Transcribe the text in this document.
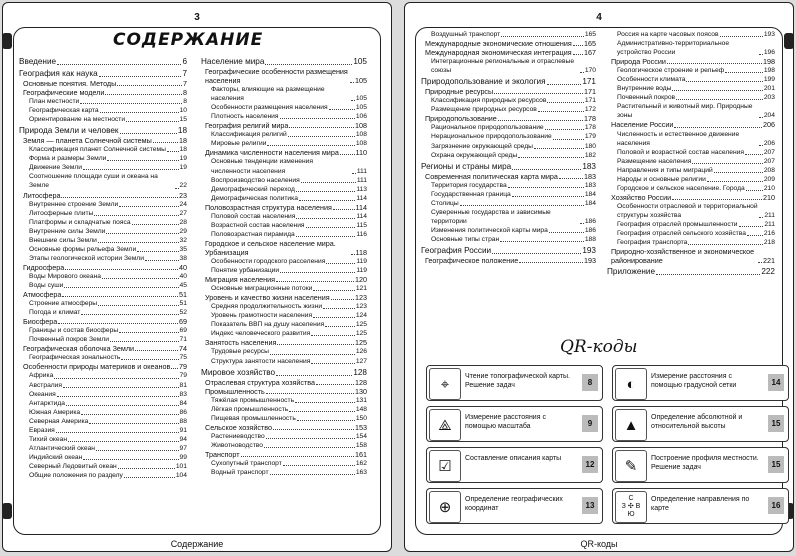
3
СОДЕРЖАНИЕ
Введение	6
География как наука	7
Основные понятия. Методы	7
Географические модели	8
План местности	8
Географическая карта	10
Ориентирование на местности	15
Природа Земли и человек	18
Земля — планета Солнечной системы	18
Классификация планет Солнечной системы 18
Форма и размеры Земли	19
Движение Земли	19
Соотношение площади суши и океана на Земле	22
Литосфера	23
Внутреннее строение Земли	24
Литосферные плиты	27
Платформы и складчатые пояса	28
Внутренние силы Земли	29
Внешние силы Земли	32
Основные формы рельефа Земли	35
Этапы геологической истории Земли	38
Гидросфера	40
Воды Мирового океана	40
Воды суши	45
Атмосфера	51
Строение атмосферы	51
Погода и климат	52
Биосфера	69
Границы и состав биосферы	69
Почвенный покров Земли	71
Географическая оболочка Земли	74
Географическая зональность	75
Особенности природы материков и океанов 79
Африка	79
Австралия	81
Океания	83
Антарктида	84
Южная Америка	86
Северная Америка	88
Евразия	91
Тихий океан	94
Атлантический океан	97
Индийский океан	99
Северный Ледовитый океан	101
Общие положения по разделу	104
Население мира	105
Географические особенности размещения населения	105
Факторы, влияющие на размещение населения	105
Особенности размещения населения	105
Плотность населения	106
География религий мира	108
Классификация религий	108
Мировые религии	108
Динамика численности населения мира 110
Основные тенденции изменения численности населения	111
Воспроизводство населения	111
Демографический переход	113
Демографическая политика	114
Половозрастная структура населения	114
Половой состав населения	114
Возрастной состав населения	115
Половозрастная пирамида	116
Городское и сельское население мира. Урбанизация	118
Особенности городского расселения	119
Понятие урбанизации	119
Миграция населения	120
Основные миграционные потоки	121
Уровень и качество жизни населения	123
Средняя продолжительность жизни	123
Уровень грамотности населения	124
Показатель ВВП на душу населения	125
Индекс человеческого развития	125
Занятость населения	125
Трудовые ресурсы	126
Структура занятости населения	127
Мировое хозяйство	128
Отраслевая структура хозяйства	128
Промышленность	130
Тяжёлая промышленность	131
Лёгкая промышленность	148
Пищевая промышленность	150
Сельское хозяйство	153
Растениеводство	154
Животноводство	158
Транспорт	161
Сухопутный транспорт	162
Водный транспорт	163
Содержание
4
Воздушный транспорт	165
Международные экономические отношения 165
Международная экономическая интеграция 167
Интеграционные региональные и отраслевые союзы	170
Природопользование и экология	171
Природные ресурсы	171
Классификация природных ресурсов	171
Размещение природных ресурсов	172
Природопользование	178
Рациональное природопользование	178
Нерациональное природопользование	179
Загрязнение окружающей среды	180
Охрана окружающей среды	182
Регионы и страны мира	183
Современная политическая карта мира	183
Территория государства	183
Государственная граница	184
Столицы	184
Суверенные государства и зависимые территории	186
Изменения политической карты мира	186
Основные типы стран	188
География России	193
Географическое положение	193
Россия на карте часовых поясов	193
Административно-территориальное устройство России	196
Природа России	198
Геологическое строение и рельеф	198
Особенности климата	199
Внутренние воды	201
Почвенный покров	203
Растительный и животный мир. Природные зоны	204
Население России	206
Численность и естественное движение населения	206
Половой и возрастной состав населения	207
Размещение населения	207
Направления и типы миграций	208
Народы и основные религии	209
Городское и сельское население. Города	210
Хозяйство России	210
Особенности отраслевой и территориальной структуры хозяйства	211
География отраслей промышленности	211
География отраслей сельского хозяйства	216
География транспорта	218
Природно-хозяйственное и экономическое районирование	221
Приложение	222
QR-коды
QR-коды
⌖	Чтение топографической карты. Решение задач	8	◐	Измерение расстояния с помощью градусной сетки	14
⟁	Измерение расстояния с помощью масштаба	9	▲	Определение абсолютной и относительной высоты	15
☑	Составление описания карты
12	✎	Построение профиля местности. Решение задач	15
⊕	Определение географических координат	13
С
З ✣ В
Ю
Определение направления по карте	16
